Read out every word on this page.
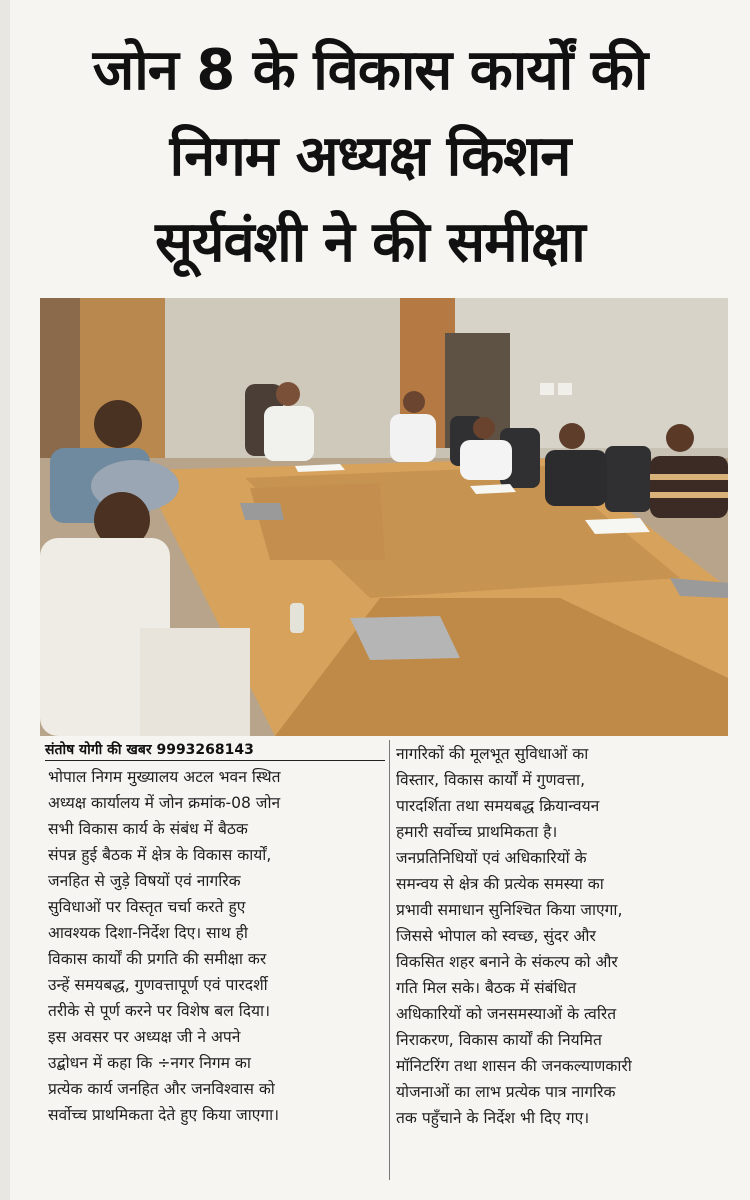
जोन 8 के विकास कार्यों की
निगम अध्यक्ष किशन
सूर्यवंशी ने की समीक्षा
संतोष योगी की खबर 9993268143

भोपाल निगम मुख्यालय अटल भवन स्थित

अध्यक्ष कार्यालय में जोन क्रमांक-08 जोन

सभी विकास कार्य के संबंध में बैठक

संपन्न हुई बैठक में क्षेत्र के विकास कार्यों,

जनहित से जुड़े विषयों एवं नागरिक

सुविधाओं पर विस्तृत चर्चा करते हुए

आवश्यक दिशा-निर्देश दिए। साथ ही

विकास कार्यों की प्रगति की समीक्षा कर

उन्हें समयबद्ध, गुणवत्तापूर्ण एवं पारदर्शी

तरीके से पूर्ण करने पर विशेष बल दिया।

इस अवसर पर अध्यक्ष जी ने अपने

उद्बोधन में कहा कि ÷नगर निगम का

प्रत्येक कार्य जनहित और जनविश्वास को

सर्वोच्च प्राथमिकता देते हुए किया जाएगा।

नागरिकों की मूलभूत सुविधाओं का

विस्तार, विकास कार्यों में गुणवत्ता,

पारदर्शिता तथा समयबद्ध क्रियान्वयन

हमारी सर्वोच्च प्राथमिकता है।

जनप्रतिनिधियों एवं अधिकारियों के

समन्वय से क्षेत्र की प्रत्येक समस्या का

प्रभावी समाधान सुनिश्चित किया जाएगा,

जिससे भोपाल को स्वच्छ, सुंदर और

विकसित शहर बनाने के संकल्प को और

गति मिल सके। बैठक में संबंधित

अधिकारियों को जनसमस्याओं के त्वरित

निराकरण, विकास कार्यों की नियमित

मॉनिटरिंग तथा शासन की जनकल्याणकारी

योजनाओं का लाभ प्रत्येक पात्र नागरिक

तक पहुँचाने के निर्देश भी दिए गए।
